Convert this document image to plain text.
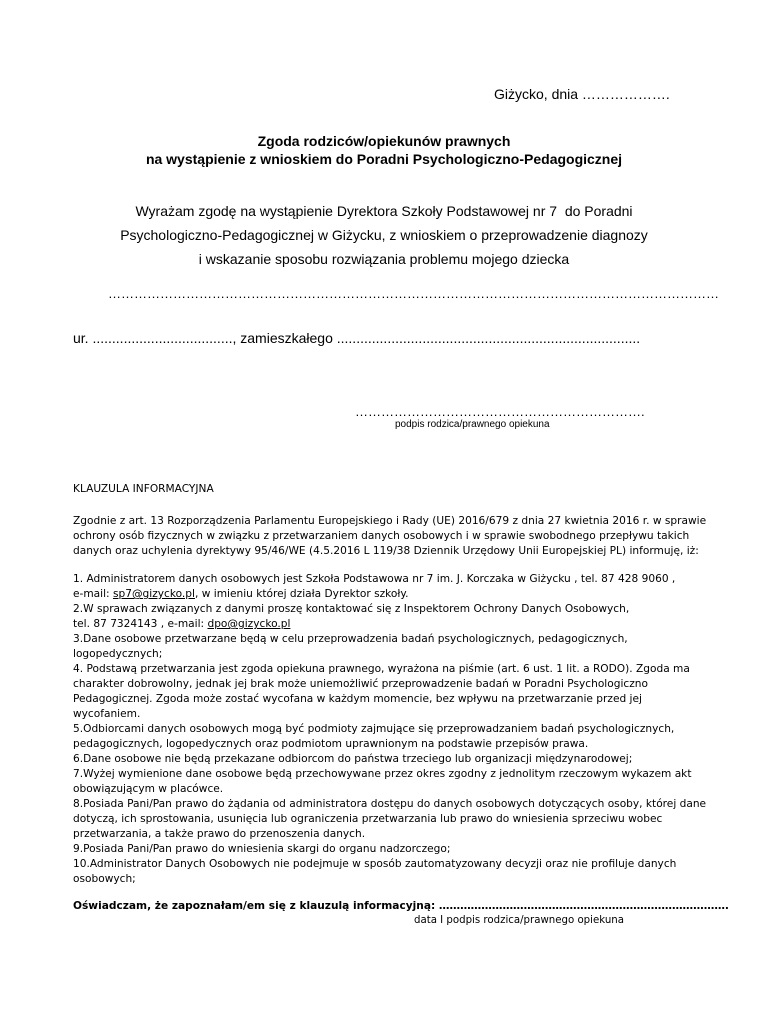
Giżycko, dnia ……………….
Zgoda rodziców/opiekunów prawnych
na wystąpienie z wnioskiem do Poradni Psychologiczno-Pedagogicznej
Wyrażam zgodę na wystąpienie Dyrektora Szkoły Podstawowej nr 7  do Poradni
Psychologiczno-Pedagogicznej w Giżycku, z wnioskiem o przeprowadzenie diagnozy
i wskazanie sposobu rozwiązania problemu mojego dziecka
……………………………………………………………………………………………………………………………
ur. ...................................., zamieszkałego ..............................................................................
………………………………………………………….
podpis rodzica/prawnego opiekuna
KLAUZULA INFORMACYJNA
Zgodnie z art. 13 Rozporządzenia Parlamentu Europejskiego i Rady (UE) 2016/679 z dnia 27 kwietnia 2016 r. w sprawie
ochrony osób fizycznych w związku z przetwarzaniem danych osobowych i w sprawie swobodnego przepływu takich
danych oraz uchylenia dyrektywy 95/46/WE (4.5.2016 L 119/38 Dziennik Urzędowy Unii Europejskiej PL) informuję, iż:
1. Administratorem danych osobowych jest Szkoła Podstawowa nr 7 im. J. Korczaka w Giżycku , tel. 87 428 9060 ,
e-mail: sp7@gizycko.pl, w imieniu której działa Dyrektor szkoły.
2.W sprawach związanych z danymi proszę kontaktować się z Inspektorem Ochrony Danych Osobowych,
tel. 87 7324143 , e-mail: dpo@gizycko.pl
3.Dane osobowe przetwarzane będą w celu przeprowadzenia badań psychologicznych, pedagogicznych,
logopedycznych;
4. Podstawą przetwarzania jest zgoda opiekuna prawnego, wyrażona na piśmie (art. 6 ust. 1 lit. a RODO). Zgoda ma
charakter dobrowolny, jednak jej brak może uniemożliwić przeprowadzenie badań w Poradni Psychologiczno
Pedagogicznej. Zgoda może zostać wycofana w każdym momencie, bez wpływu na przetwarzanie przed jej
wycofaniem.
5.Odbiorcami danych osobowych mogą być podmioty zajmujące się przeprowadzaniem badań psychologicznych,
pedagogicznych, logopedycznych oraz podmiotom uprawnionym na podstawie przepisów prawa.
6.Dane osobowe nie będą przekazane odbiorcom do państwa trzeciego lub organizacji międzynarodowej;
7.Wyżej wymienione dane osobowe będą przechowywane przez okres zgodny z jednolitym rzeczowym wykazem akt
obowiązującym w placówce.
8.Posiada Pani/Pan prawo do żądania od administratora dostępu do danych osobowych dotyczących osoby, której dane
dotyczą, ich sprostowania, usunięcia lub ograniczenia przetwarzania lub prawo do wniesienia sprzeciwu wobec
przetwarzania, a także prawo do przenoszenia danych.
9.Posiada Pani/Pan prawo do wniesienia skargi do organu nadzorczego;
10.Administrator Danych Osobowych nie podejmuje w sposób zautomatyzowany decyzji oraz nie profiluje danych
osobowych;
Oświadczam, że zapoznałam/em się z klauzulą informacyjną: ……………………………………………………………………….
data I podpis rodzica/prawnego opiekuna
